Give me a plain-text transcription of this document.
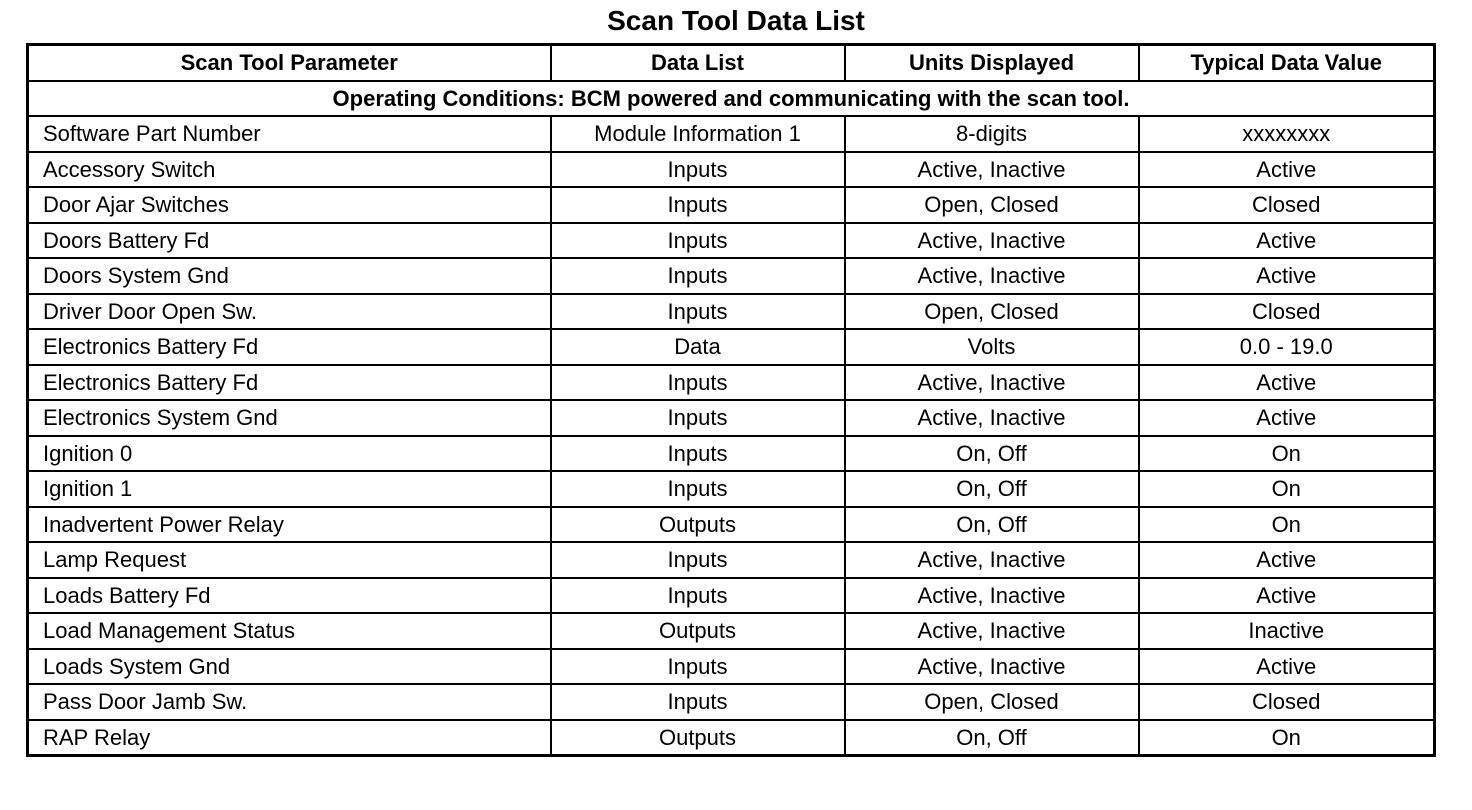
Scan Tool Data List
Scan Tool Parameter	Data List	Units Displayed	Typical Data Value
Operating Conditions: BCM powered and communicating with the scan tool.			
Software Part Number	Module Information 1	8-digits	xxxxxxxx
Accessory Switch	Inputs	Active, Inactive	Active
Door Ajar Switches	Inputs	Open, Closed	Closed
Doors Battery Fd	Inputs	Active, Inactive	Active
Doors System Gnd	Inputs	Active, Inactive	Active
Driver Door Open Sw.	Inputs	Open, Closed	Closed
Electronics Battery Fd	Data	Volts	0.0 - 19.0
Electronics Battery Fd	Inputs	Active, Inactive	Active
Electronics System Gnd	Inputs	Active, Inactive	Active
Ignition 0	Inputs	On, Off	On
Ignition 1	Inputs	On, Off	On
Inadvertent Power Relay	Outputs	On, Off	On
Lamp Request	Inputs	Active, Inactive	Active
Loads Battery Fd	Inputs	Active, Inactive	Active
Load Management Status	Outputs	Active, Inactive	Inactive
Loads System Gnd	Inputs	Active, Inactive	Active
Pass Door Jamb Sw.	Inputs	Open, Closed	Closed
RAP Relay	Outputs	On, Off	On
